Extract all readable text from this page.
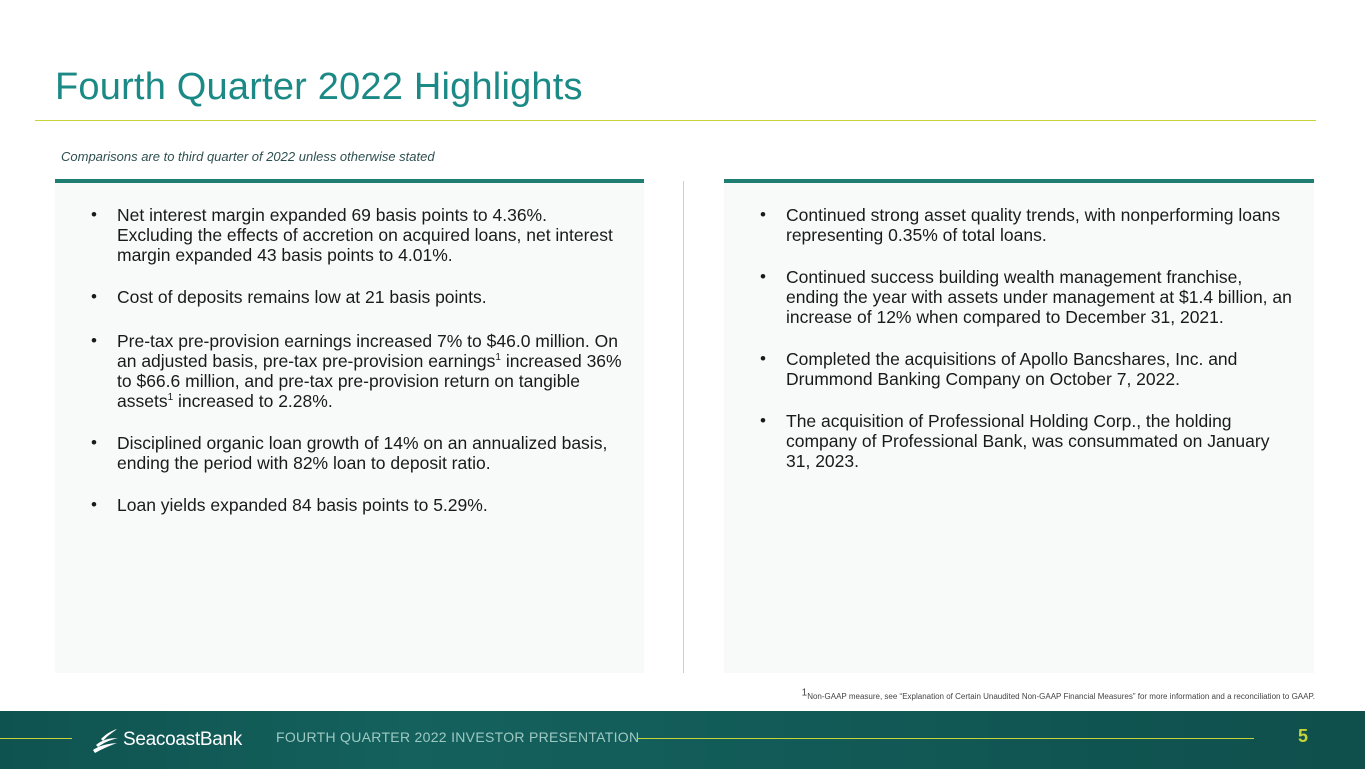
Fourth Quarter 2022 Highlights
Comparisons are to third quarter of 2022 unless otherwise stated
•	Net interest margin expanded 69 basis points to 4.36%. Excluding the effects of accretion on acquired loans, net interest margin expanded 43 basis points to 4.01%.
•	Cost of deposits remains low at 21 basis points.
•	Pre-tax pre-provision earnings increased 7% to $46.0 million. On an adjusted basis, pre-tax pre-provision earnings$^1$ increased 36% to $66.6 million, and pre-tax pre-provision return on tangible assets$^1$ increased to 2.28%.
•	Disciplined organic loan growth of 14% on an annualized basis, ending the period with 82% loan to deposit ratio.
•	Loan yields expanded 84 basis points to 5.29%.
•	Continued strong asset quality trends, with nonperforming loans representing 0.35% of total loans.
•	Continued success building wealth management franchise, ending the year with assets under management at $1.4 billion, an increase of 12% when compared to December 31, 2021.
•	Completed the acquisitions of Apollo Bancshares, Inc. and Drummond Banking Company on October 7, 2022.
•	The acquisition of Professional Holding Corp., the holding company of Professional Bank, was consummated on January 31, 2023.
$^1$Non-GAAP measure, see “Explanation of Certain Unaudited Non-GAAP Financial Measures” for more information and a reconciliation to GAAP.
SeacoastBank FOURTH QUARTER 2022 INVESTOR PRESENTATION	5
